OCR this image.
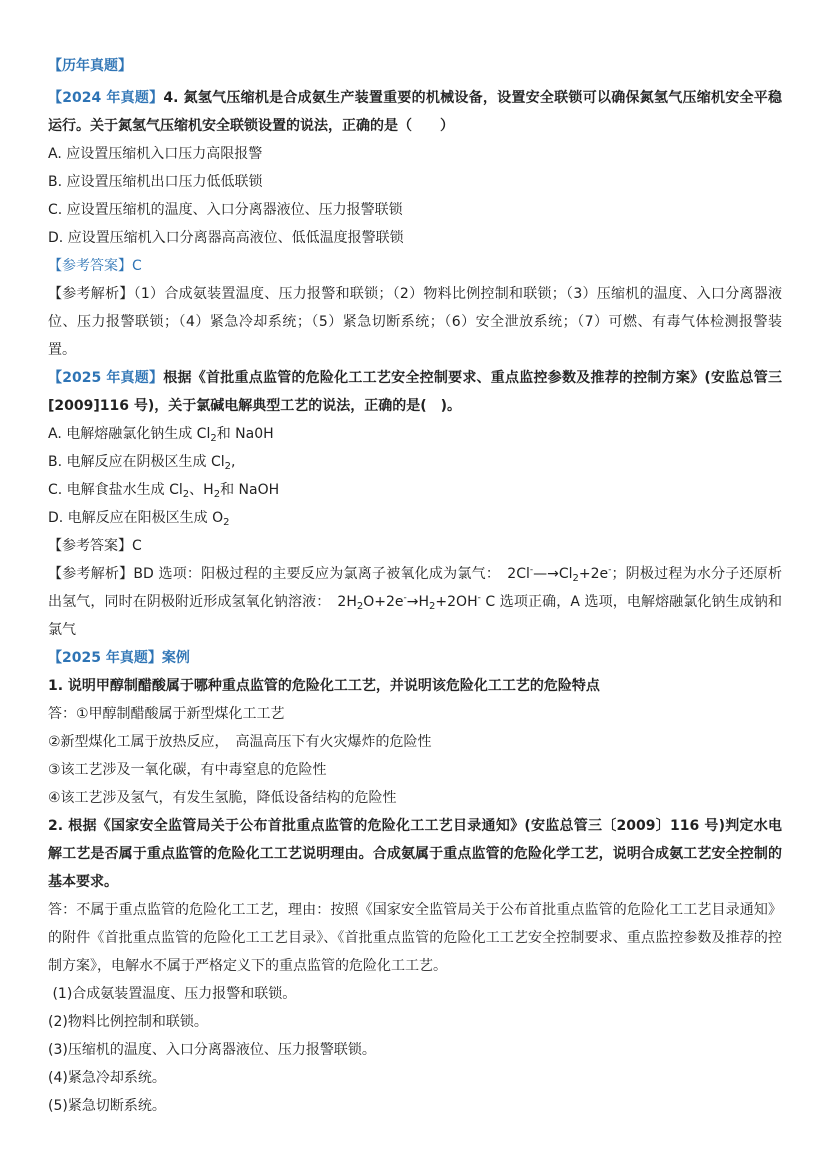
【历年真题】

【2024 年真题】4. 氮氢气压缩机是合成氨生产装置重要的机械设备，设置安全联锁可以确保氮氢气压缩机安全平稳运行。关于氮氢气压缩机安全联锁设置的说法，正确的是（　　）

A. 应设置压缩机入口压力高限报警

B. 应设置压缩机出口压力低低联锁

C. 应设置压缩机的温度、入口分离器液位、压力报警联锁

D. 应设置压缩机入口分离器高高液位、低低温度报警联锁

【参考答案】C

【参考解析】（1）合成氨装置温度、压力报警和联锁；（2）物料比例控制和联锁；（3）压缩机的温度、入口分离器液位、压力报警联锁；（4）紧急冷却系统；（5）紧急切断系统；（6）安全泄放系统；（7）可燃、有毒气体检测报警装置。

【2025 年真题】根据《首批重点监管的危险化工工艺安全控制要求、重点监控参数及推荐的控制方案》(安监总管三[2009]116 号)，关于氯碱电解典型工艺的说法，正确的是(　)。

A. 电解熔融氯化钠生成 $Cl_2$和 Na0H

B. 电解反应在阴极区生成 $Cl_2$,

C. 电解食盐水生成 $Cl_2$、$H_2$和 NaOH

D. 电解反应在阳极区生成 $O_2$

【参考答案】C

【参考解析】BD 选项：阳极过程的主要反应为氯离子被氧化成为氯气：　$2Cl^-—\to Cl_2+2e^-$；阴极过程为水分子还原析出氢气，同时在阴极附近形成氢氧化钠溶液：　$2H_2O+2e^-\to H_2+2OH^-$ C 选项正确，A 选项，电解熔融氯化钠生成钠和氯气

【2025 年真题】案例

1. 说明甲醇制醋酸属于哪种重点监管的危险化工工艺，并说明该危险化工工艺的危险特点

答：①甲醇制醋酸属于新型煤化工工艺

②新型煤化工属于放热反应，　高温高压下有火灾爆炸的危险性

③该工艺涉及一氧化碳，有中毒窒息的危险性

④该工艺涉及氢气，有发生氢脆，降低设备结构的危险性

2. 根据《国家安全监管局关于公布首批重点监管的危险化工工艺目录通知》(安监总管三〔2009〕116 号)判定水电解工艺是否属于重点监管的危险化工工艺说明理由。合成氨属于重点监管的危险化学工艺，说明合成氨工艺安全控制的基本要求。

答：不属于重点监管的危险化工工艺，理由：按照《国家安全监管局关于公布首批重点监管的危险化工工艺目录通知》的附件《首批重点监管的危险化工工艺目录》、《首批重点监管的危险化工工艺安全控制要求、重点监控参数及推荐的控制方案》，电解水不属于严格定义下的重点监管的危险化工工艺。

(1)合成氨装置温度、压力报警和联锁。

(2)物料比例控制和联锁。

(3)压缩机的温度、入口分离器液位、压力报警联锁。

(4)紧急冷却系统。

(5)紧急切断系统。
